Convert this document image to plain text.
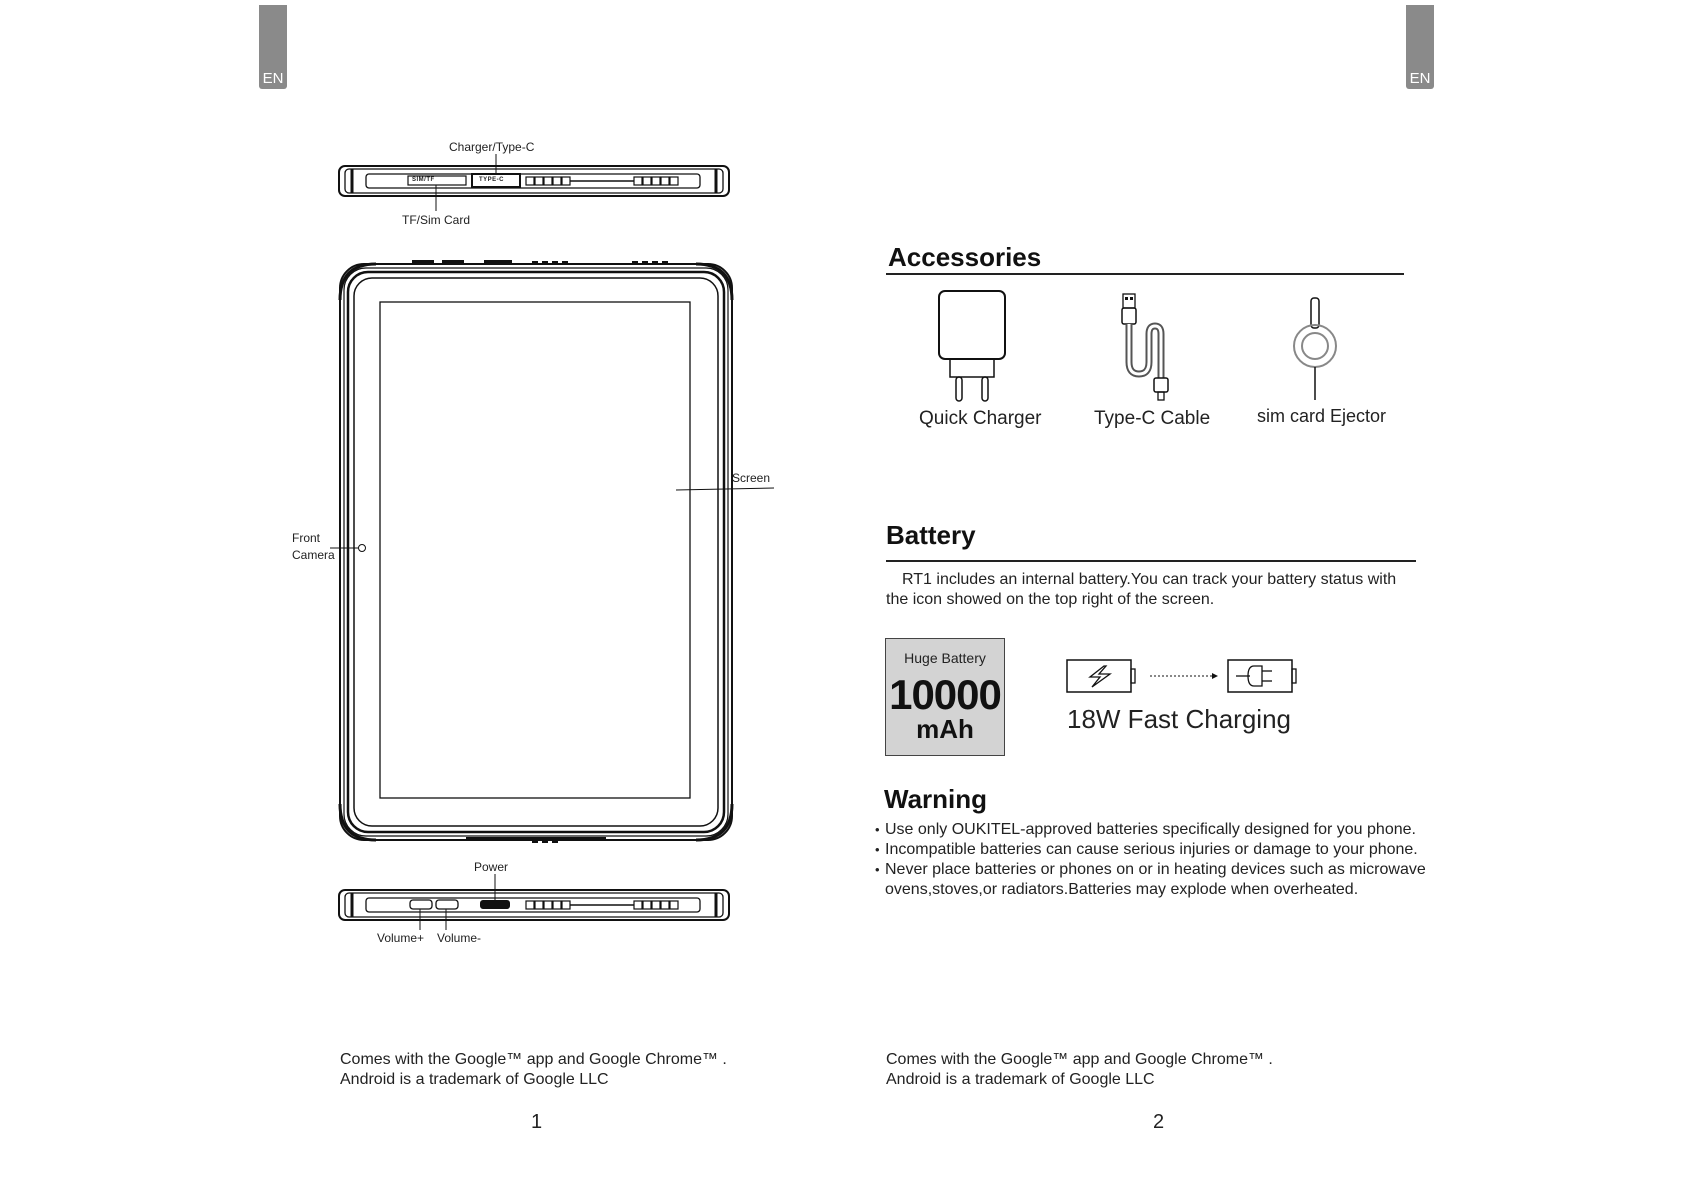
EN
Charger/Type-C
TF/Sim Card
SIM/TF	TYPE-C
Screen
Front
Camera
Power
Volume+ Volume-
Comes with the Google™ app and Google Chrome™ .
Android is a trademark of Google LLC
1
EN
Accessories
Quick Charger	Type-C Cable	sim card Ejector
Battery
RT1 includes an internal battery.You can track your battery status with
the icon showed on the top right of the screen.
Huge Battery
10000
mAh	18W Fast Charging
Warning
• Use only OUKITEL-approved batteries specifically designed for you phone.
• Incompatible batteries can cause serious injuries or damage to your phone.
• Never place batteries or phones on or in heating devices such as microwave
ovens,stoves,or radiators.Batteries may explode when overheated.
Comes with the Google™ app and Google Chrome™ .
Android is a trademark of Google LLC
2
